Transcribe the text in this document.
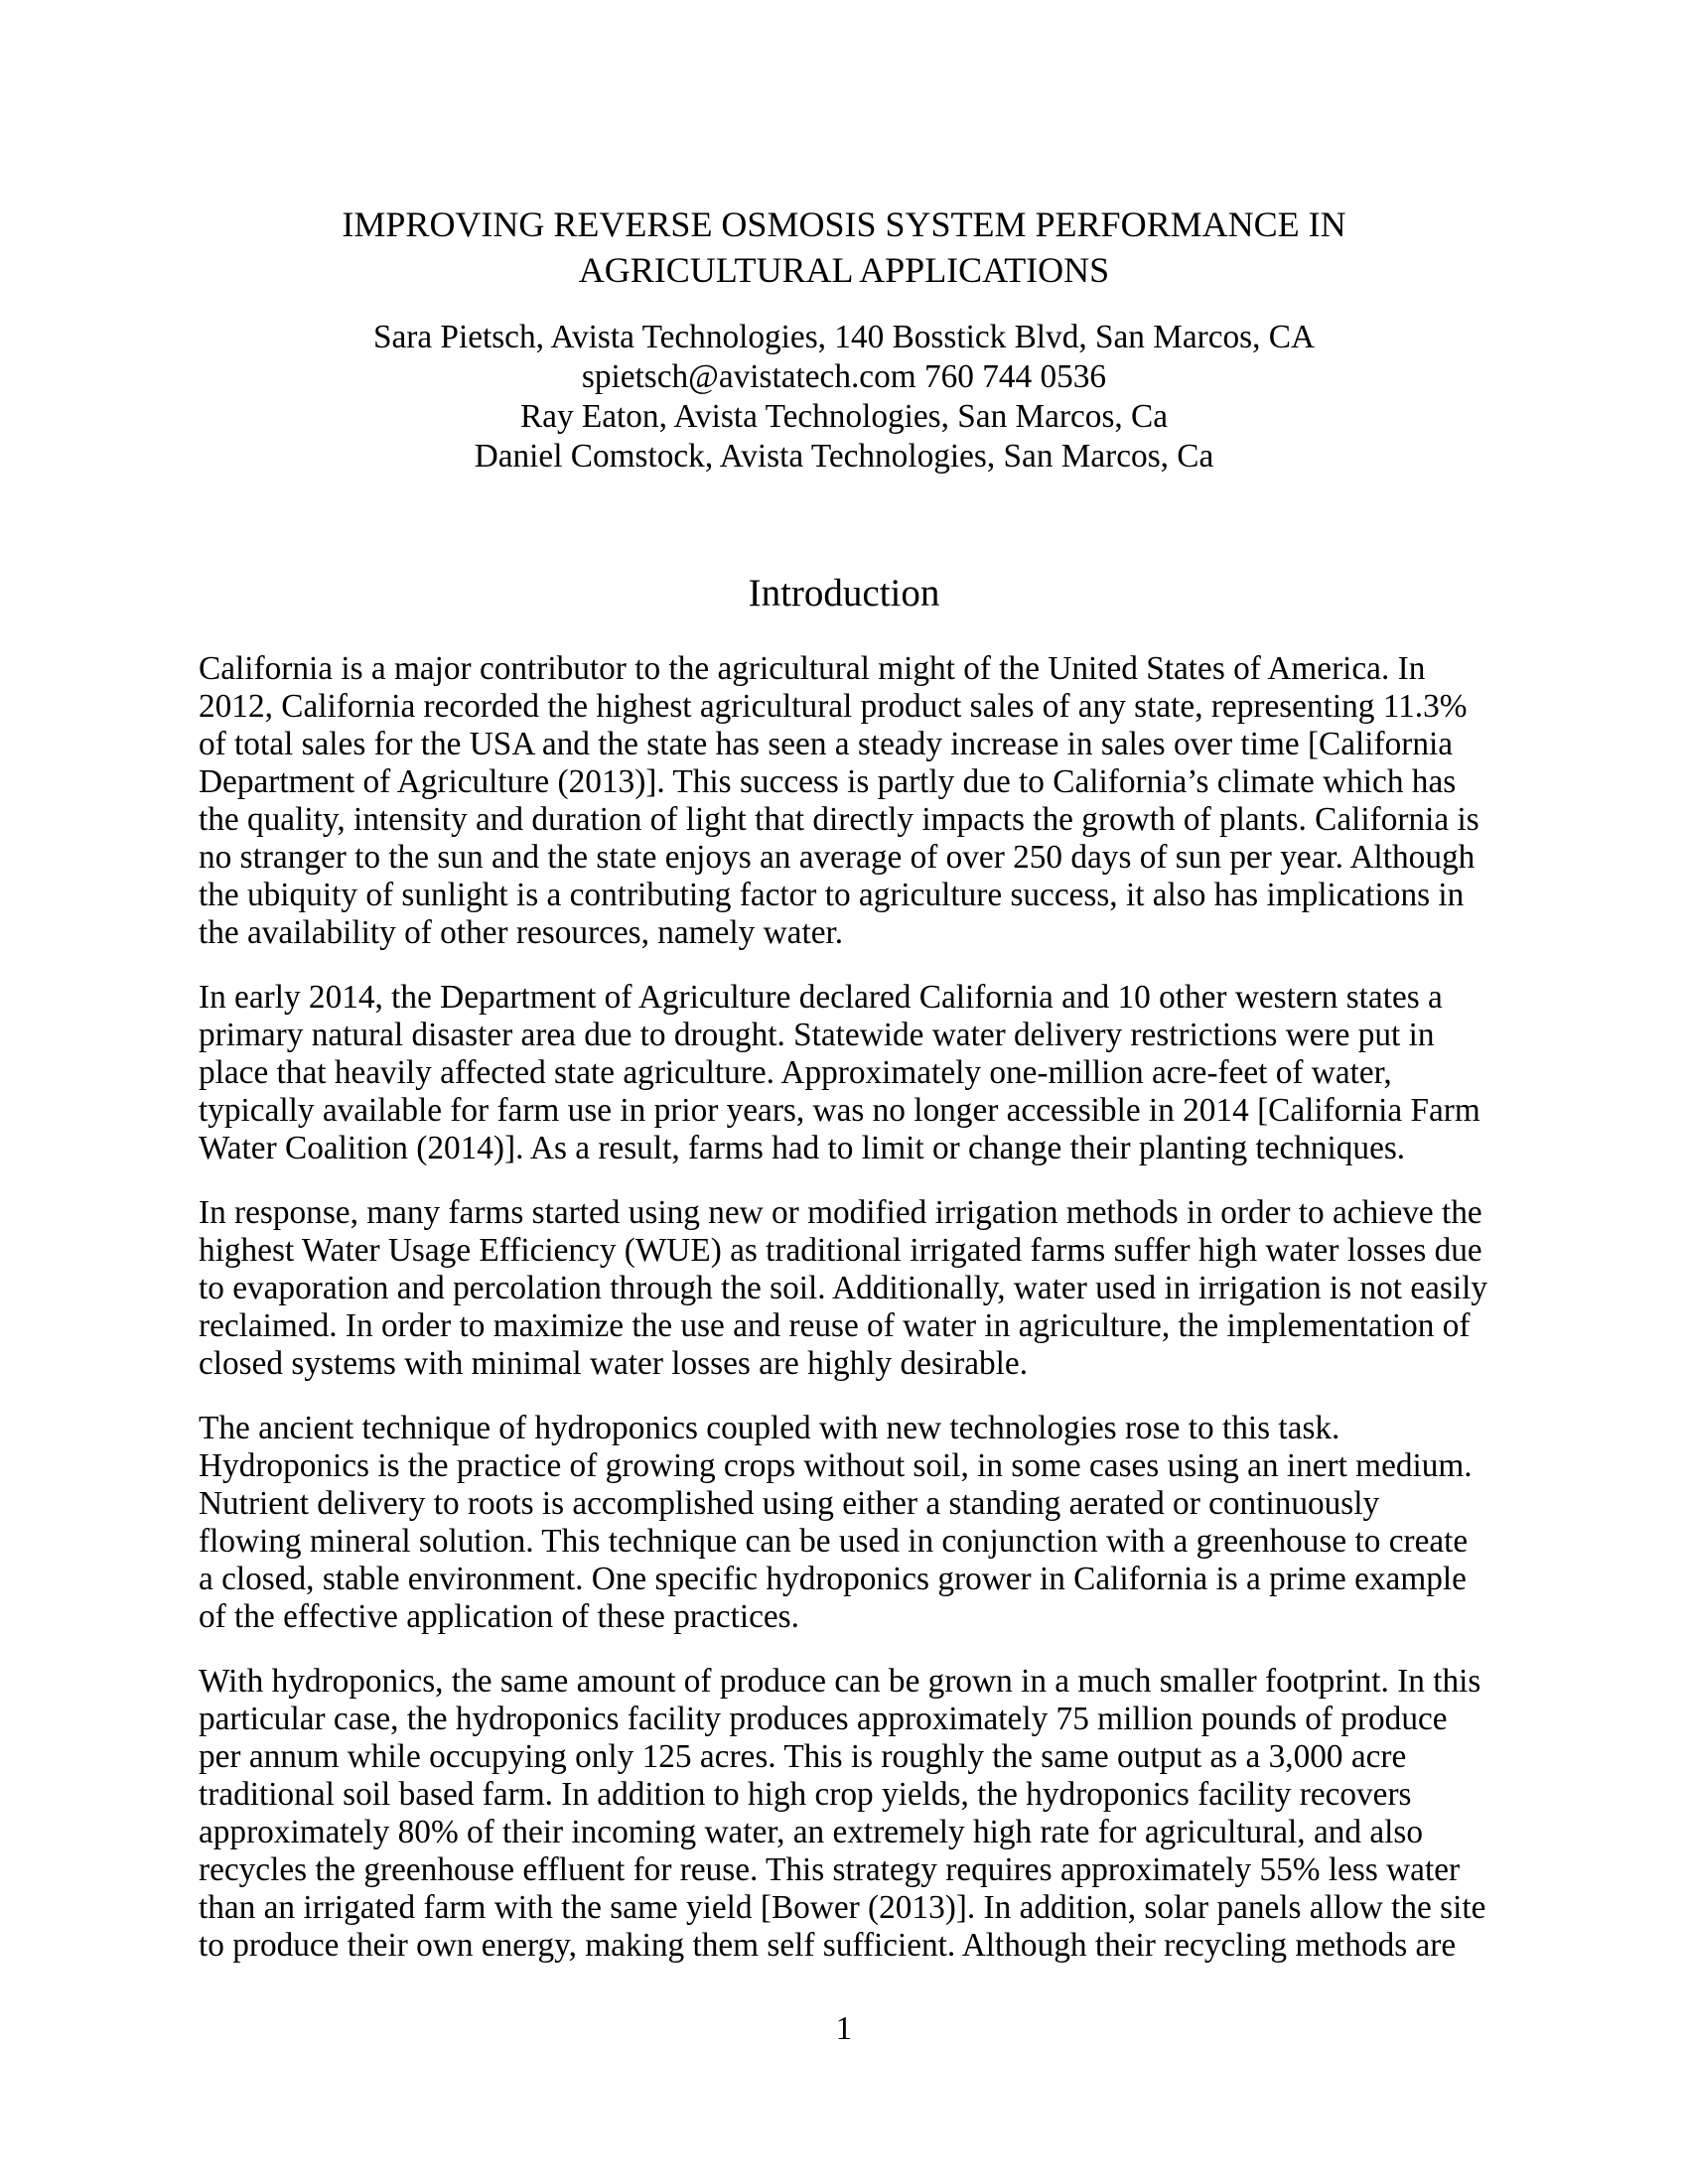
IMPROVING REVERSE OSMOSIS SYSTEM PERFORMANCE IN
AGRICULTURAL APPLICATIONS
Sara Pietsch, Avista Technologies, 140 Bosstick Blvd, San Marcos, CA
spietsch@avistatech.com 760 744 0536
Ray Eaton, Avista Technologies, San Marcos, Ca
Daniel Comstock, Avista Technologies, San Marcos, Ca
Introduction

California is a major contributor to the agricultural might of the United States of America. In 2012, California recorded the highest agricultural product sales of any state, representing 11.3% of total sales for the USA and the state has seen a steady increase in sales over time [California Department of Agriculture (2013)]. This success is partly due to California’s climate which has the quality, intensity and duration of light that directly impacts the growth of plants. California is no stranger to the sun and the state enjoys an average of over 250 days of sun per year. Although the ubiquity of sunlight is a contributing factor to agriculture success, it also has implications in the availability of other resources, namely water.

In early 2014, the Department of Agriculture declared California and 10 other western states a primary natural disaster area due to drought. Statewide water delivery restrictions were put in place that heavily affected state agriculture. Approximately one-million acre-feet of water, typically available for farm use in prior years, was no longer accessible in 2014 [California Farm Water Coalition (2014)]. As a result, farms had to limit or change their planting techniques.

In response, many farms started using new or modified irrigation methods in order to achieve the highest Water Usage Efficiency (WUE) as traditional irrigated farms suffer high water losses due to evaporation and percolation through the soil. Additionally, water used in irrigation is not easily reclaimed. In order to maximize the use and reuse of water in agriculture, the implementation of closed systems with minimal water losses are highly desirable.

The ancient technique of hydroponics coupled with new technologies rose to this task. Hydroponics is the practice of growing crops without soil, in some cases using an inert medium. Nutrient delivery to roots is accomplished using either a standing aerated or continuously flowing mineral solution. This technique can be used in conjunction with a greenhouse to create a closed, stable environment. One specific hydroponics grower in California is a prime example of the effective application of these practices.

With hydroponics, the same amount of produce can be grown in a much smaller footprint. In this particular case, the hydroponics facility produces approximately 75 million pounds of produce per annum while occupying only 125 acres. This is roughly the same output as a 3,000 acre traditional soil based farm. In addition to high crop yields, the hydroponics facility recovers approximately 80% of their incoming water, an extremely high rate for agricultural, and also recycles the greenhouse effluent for reuse. This strategy requires approximately 55% less water than an irrigated farm with the same yield [Bower (2013)]. In addition, solar panels allow the site to produce their own energy, making them self sufficient. Although their recycling methods are

1
